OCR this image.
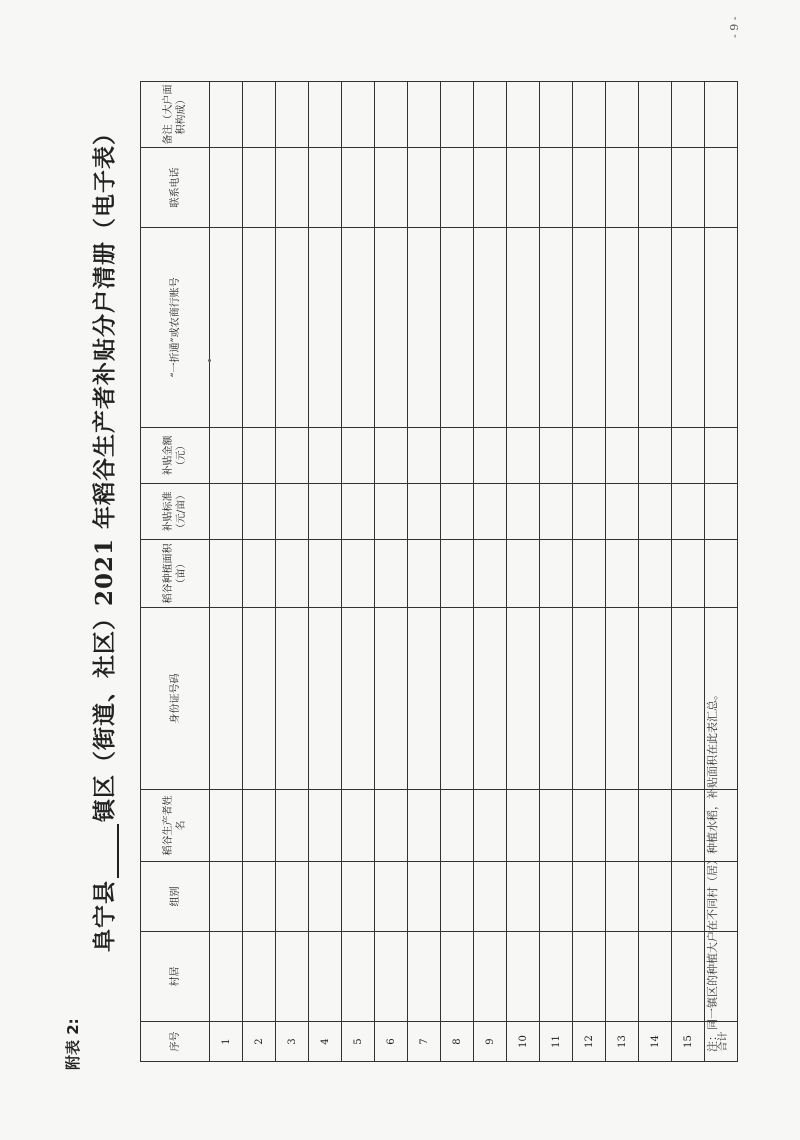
附表 2:
阜宁县镇区（街道、社区）2021 年稻谷生产者补贴分户清册（电子表）
序号	村居	组别	稻谷生产者姓名	身份证号码	稻谷种植面积（亩）	补贴标准（元/亩）	补贴金额（元）	“一折通”或农商行账号	联系电话	备注（大户面积构成）
1										
2										
3										
4										
5										
6										
7										
8										
9										
10										
11										
12										
13										
14										
15										
合计										
注：同一镇区的种植大户在不同村（居）种植水稻，补贴面积在此表汇总。
- 9 -
